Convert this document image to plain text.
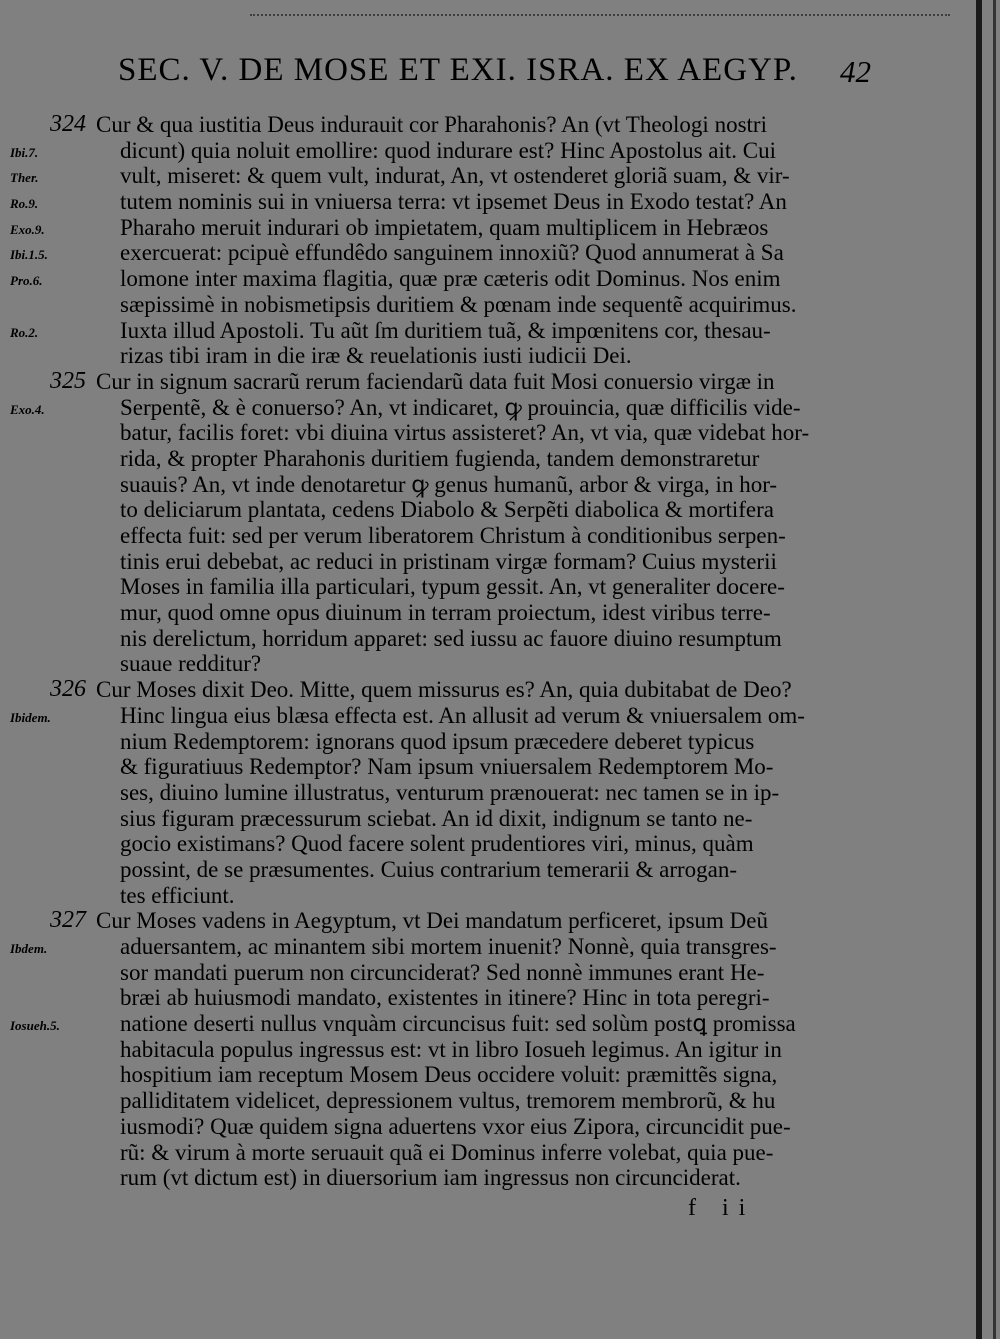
SEC. V. DE MOSE ET EXI. ISRA. EX AEGYP.	42
324 Cur & qua iustitia Deus indurauit cor Pharahonis? An (vt Theologi nostri
Ibi.7.	dicunt) quia noluit emollire: quod indurare est? Hinc Apostolus ait. Cui
Ther.	vult, miseret: & quem vult, indurat, An, vt ostenderet gloriã suam, & vir-
Ro.9.	tutem nominis sui in vniuersa terra: vt ipsemet Deus in Exodo testat? An
Exo.9.	Pharaho meruit indurari ob impietatem, quam multiplicem in Hebræos
Ibi.1.5.	exercuerat: pcipuè effundêdo sanguinem innoxiũ? Quod annumerat à Sa
Pro.6.	lomone inter maxima flagitia, quæ præ cæteris odit Dominus. Nos enim
sæpissimè in nobismetipsis duritiem & pœnam inde sequentẽ acquirimus.
Ro.2.	Iuxta illud Apostoli. Tu aũt ſm duritiem tuã, & impœnitens cor, thesau-
rizas tibi iram in die iræ & reuelationis iusti iudicii Dei.
325 Cur in signum sacrarũ rerum faciendarũ data fuit Mosi conuersio virgæ in
Exo.4.	Serpentẽ, & è conuerso? An, vt indicaret, ꝙ prouincia, quæ difficilis vide-
batur, facilis foret: vbi diuina virtus assisteret? An, vt via, quæ videbat hor-
rida, & propter Pharahonis duritiem fugienda, tandem demonstraretur
suauis? An, vt inde denotaretur ꝙ genus humanũ, arbor & virga, in hor-
to deliciarum plantata, cedens Diabolo & Serpẽti diabolica & mortifera
effecta fuit: sed per verum liberatorem Christum à conditionibus serpen-
tinis erui debebat, ac reduci in pristinam virgæ formam? Cuius mysterii
Moses in familia illa particulari, typum gessit. An, vt generaliter docere-
mur, quod omne opus diuinum in terram proiectum, idest viribus terre-
nis derelictum, horridum apparet: sed iussu ac fauore diuino resumptum
suaue redditur?
326 Cur Moses dixit Deo. Mitte, quem missurus es? An, quia dubitabat de Deo?
Ibidem.	Hinc lingua eius blæsa effecta est. An allusit ad verum & vniuersalem om-
nium Redemptorem: ignorans quod ipsum præcedere deberet typicus
& figuratiuus Redemptor? Nam ipsum vniuersalem Redemptorem Mo-
ses, diuino lumine illustratus, venturum prænouerat: nec tamen se in ip-
sius figuram præcessurum sciebat. An id dixit, indignum se tanto ne-
gocio existimans? Quod facere solent prudentiores viri, minus, quàm
possint, de se præsumentes. Cuius contrarium temerarii & arrogan-
tes efficiunt.
327 Cur Moses vadens in Aegyptum, vt Dei mandatum perficeret, ipsum Deũ
Ibdem.	aduersantem, ac minantem sibi mortem inuenit? Nonnè, quia transgres-
sor mandati puerum non circunciderat? Sed nonnè immunes erant He-
bræi ab huiusmodi mandato, existentes in itinere? Hinc in tota peregri-
Iosueh.5.	natione deserti nullus vnquàm circuncisus fuit: sed solùm postꝗ promissa
habitacula populus ingressus est: vt in libro Iosueh legimus. An igitur in
hospitium iam receptum Mosem Deus occidere voluit: præmittẽs signa,
palliditatem videlicet, depressionem vultus, tremorem membrorũ, & hu
iusmodi? Quæ quidem signa aduertens vxor eius Zipora, circuncidit pue-
rũ: & virum à morte seruauit quã ei Dominus inferre volebat, quia pue-
rum (vt dictum est) in diuersorium iam ingressus non circunciderat.
f ii
